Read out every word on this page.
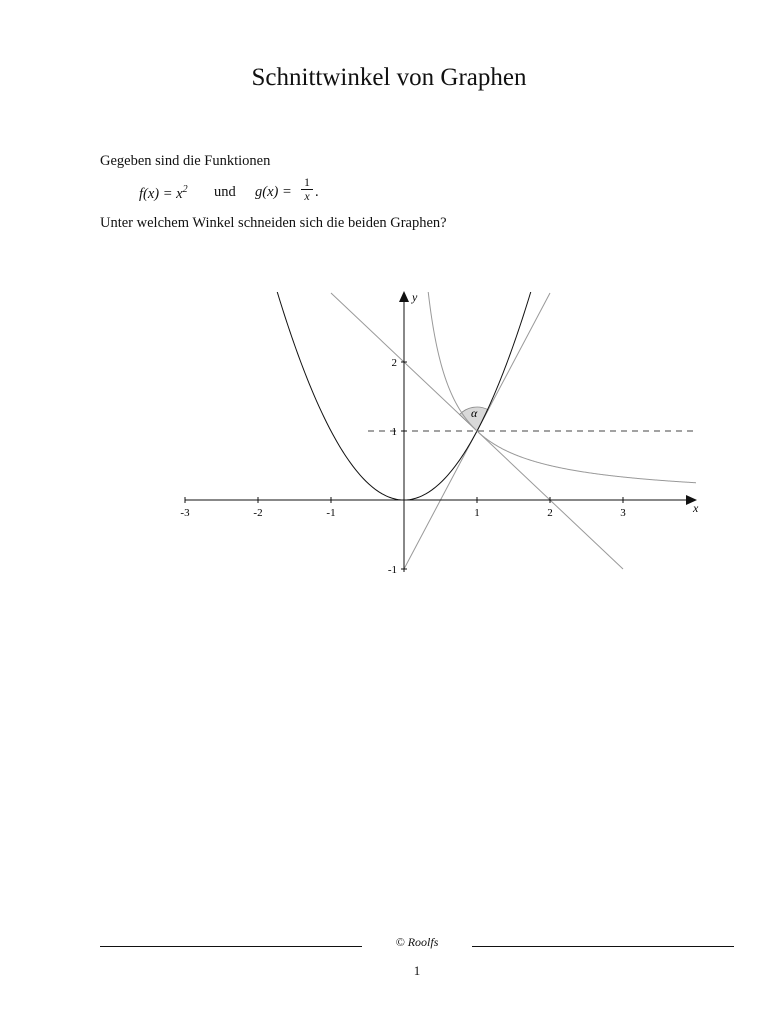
Schnittwinkel von Graphen
Gegeben sind die Funktionen
$f(x) = x^2$ und $g(x) = \frac{1}{x}$ .
Unter welchem Winkel schneiden sich die beiden Graphen?
-3	-2	-1	1	2	3
-1
1
2
x
y
α
© Roolfs
1
